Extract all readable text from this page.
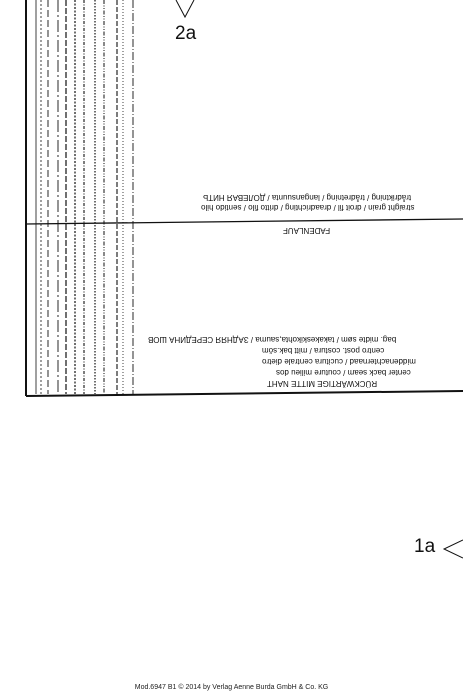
2a
1a
straight grain / droit fil / draadrichting / dritto filo / sentido hilo
trådriktning / trådretning / langansuunta / ДОЛЕВАЯ НИТЬ
FADENLAUF
RÜCKWÄRTIGE MITTE NAHT
center back seam / couture milieu dos
middenachternaad / cucitura centrale dietro
centro post. costura / mitt bak.söm
bag. midte søm / takakeskikohta,sauma / ЗАДНЯЯ СЕРЕДИНА ШОВ
Mod.6947 B1 © 2014 by Verlag Aenne Burda GmbH & Co. KG
